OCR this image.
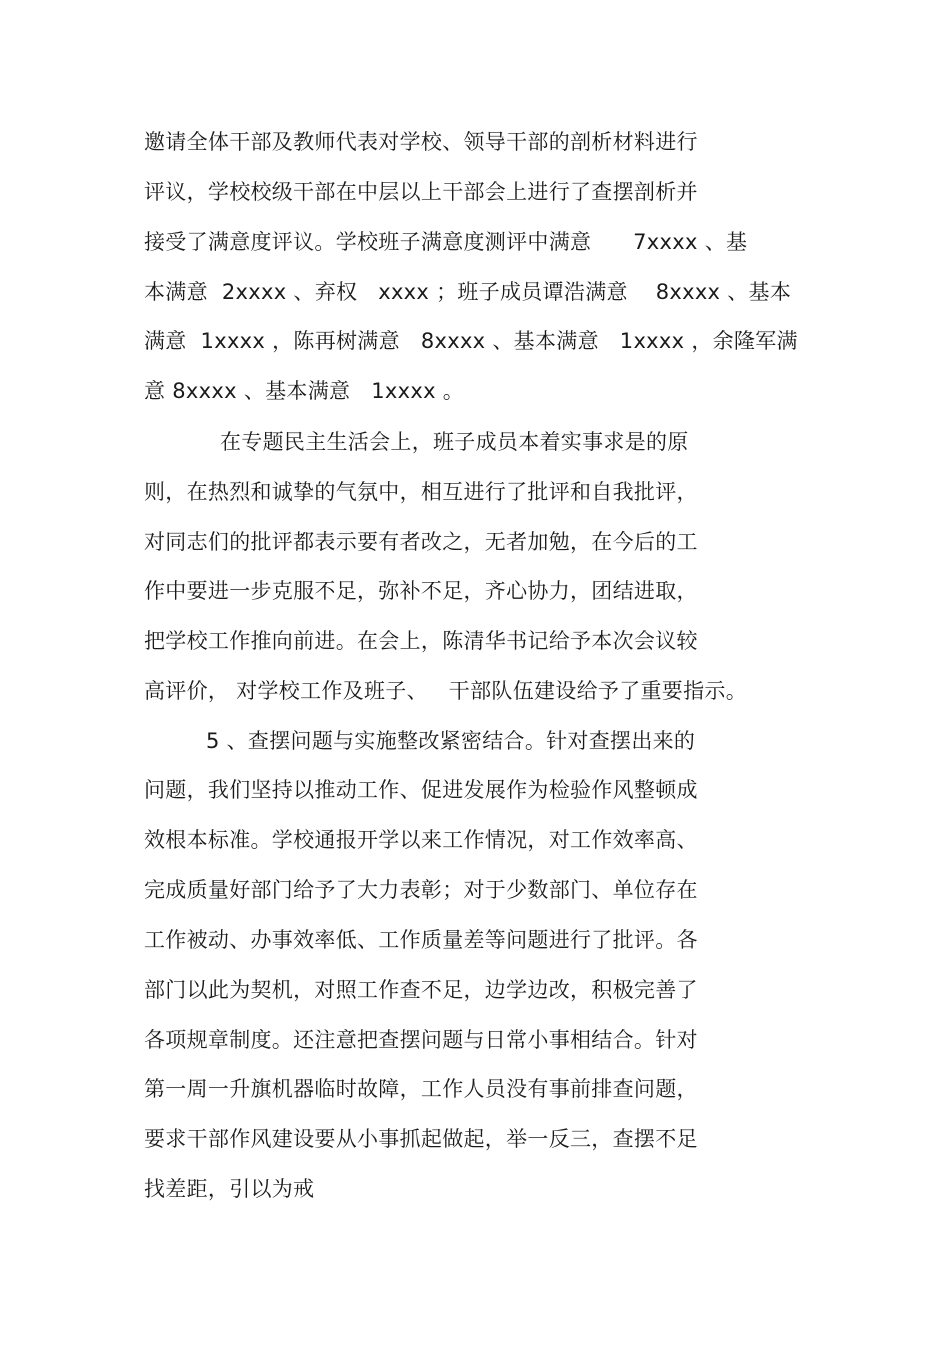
邀请全体干部及教师代表对学校、领导干部的剖析材料进行
评议，学校校级干部在中层以上干部会上进行了查摆剖析并
接受了满意度评议。学校班子满意度测评中满意      7xxxx 、基
本满意  2xxxx 、弃权   xxxx ；班子成员谭浩满意    8xxxx 、基本
满意  1xxxx ，陈再树满意   8xxxx 、基本满意   1xxxx ，余隆军满
意 8xxxx 、基本满意   1xxxx 。
在专题民主生活会上，班子成员本着实事求是的原
则，在热烈和诚挚的气氛中，相互进行了批评和自我批评，
对同志们的批评都表示要有者改之，无者加勉，在今后的工
作中要进一步克服不足，弥补不足，齐心协力，团结进取，
把学校工作推向前进。在会上，陈清华书记给予本次会议较
高评价， 对学校工作及班子、   干部队伍建设给予了重要指示。
5 、查摆问题与实施整改紧密结合。针对查摆出来的
问题，我们坚持以推动工作、促进发展作为检验作风整顿成
效根本标准。学校通报开学以来工作情况，对工作效率高、
完成质量好部门给予了大力表彰；对于少数部门、单位存在
工作被动、办事效率低、工作质量差等问题进行了批评。各
部门以此为契机，对照工作查不足，边学边改，积极完善了
各项规章制度。还注意把查摆问题与日常小事相结合。针对
第一周一升旗机器临时故障，工作人员没有事前排查问题，
要求干部作风建设要从小事抓起做起，举一反三，查摆不足
找差距，引以为戒
